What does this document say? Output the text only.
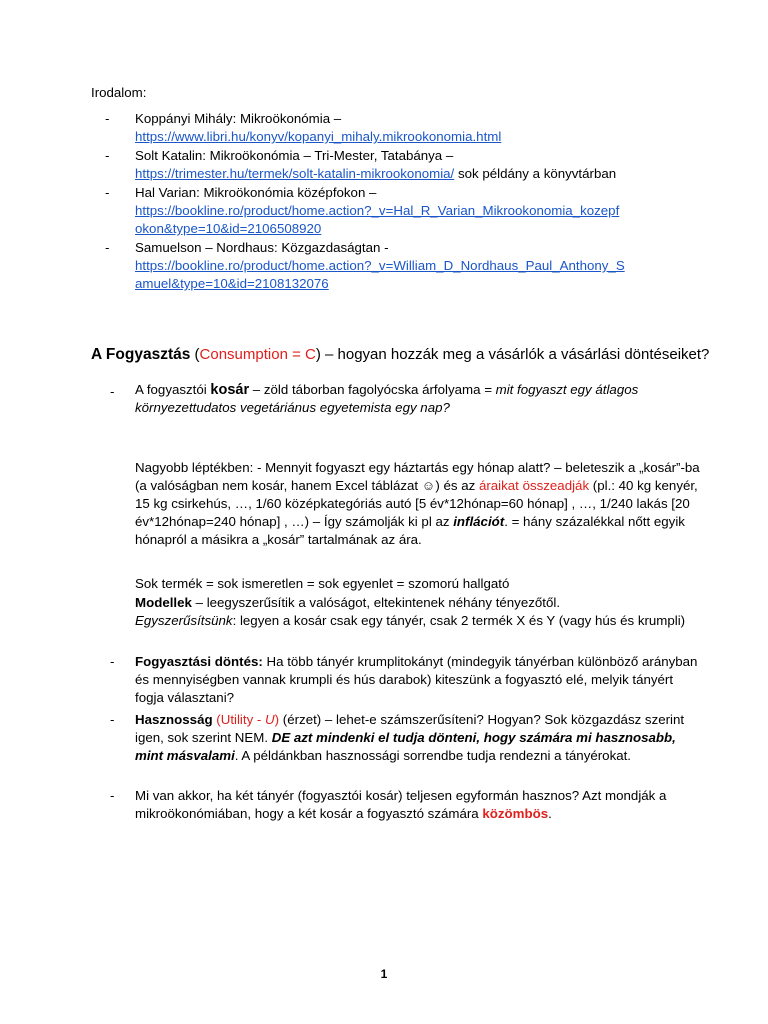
Irodalom:
- Koppányi Mihály: Mikroökonómia –
https://www.libri.hu/konyv/kopanyi_mihaly.mikrookonomia.html
- Solt Katalin: Mikroökonómia – Tri-Mester, Tatabánya –
https://trimester.hu/termek/solt-katalin-mikrookonomia/ sok példány a könyvtárban
- Hal Varian: Mikroökonómia középfokon –
https://bookline.ro/product/home.action?_v=Hal_R_Varian_Mikrookonomia_kozepf
okon&type=10&id=2106508920
- Samuelson – Nordhaus: Közgazdaságtan -
https://bookline.ro/product/home.action?_v=William_D_Nordhaus_Paul_Anthony_S
amuel&type=10&id=2108132076
A Fogyasztás (Consumption = C) – hogyan hozzák meg a vásárlók a vásárlási döntéseiket?
- A fogyasztói kosár – zöld táborban fagolyócska árfolyama = mit fogyaszt egy átlagos környezettudatos vegetáriánus egyetemista egy nap?
Nagyobb léptékben: - Mennyit fogyaszt egy háztartás egy hónap alatt? – beleteszik a „kosár”-ba (a valóságban nem kosár, hanem Excel táblázat ☺) és az áraikat összeadják (pl.: 40 kg kenyér, 15 kg csirkehús, …, 1/60 középkategóriás autó [5 év*12hónap=60 hónap] , …, 1/240 lakás [20 év*12hónap=240 hónap] , …) – Így számolják ki pl az inflációt. = hány százalékkal nőtt egyik hónapról a másikra a „kosár” tartalmának az ára.
Sok termék = sok ismeretlen = sok egyenlet = szomorú hallgató
Modellek – leegyszerűsítik a valóságot, eltekintenek néhány tényezőtől.
Egyszerűsítsünk: legyen a kosár csak egy tányér, csak 2 termék X és Y (vagy hús és krumpli)
- Fogyasztási döntés: Ha több tányér krumplitokányt (mindegyik tányérban különböző arányban és mennyiségben vannak krumpli és hús darabok) kiteszünk a fogyasztó elé, melyik tányért fogja választani?
- Hasznosság (Utility - U) (érzet) – lehet-e számszerűsíteni? Hogyan? Sok közgazdász szerint igen, sok szerint NEM. DE azt mindenki el tudja dönteni, hogy számára mi hasznosabb, mint másvalami. A példánkban hasznossági sorrendbe tudja rendezni a tányérokat.
- Mi van akkor, ha két tányér (fogyasztói kosár) teljesen egyformán hasznos? Azt mondják a mikroökonómiában, hogy a két kosár a fogyasztó számára közömbös.
1
